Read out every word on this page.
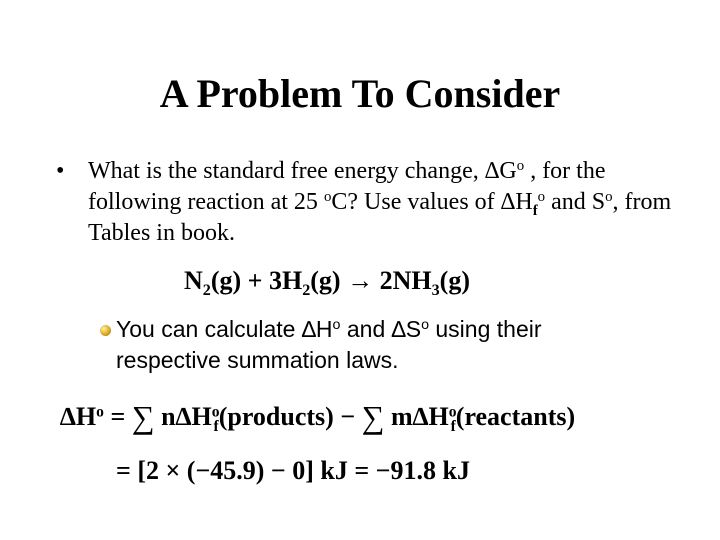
A Problem To Consider
• What is the standard free energy change, $\Delta G^o$ , for the following reaction at 25 $^o$C? Use values of $\Delta H_f^o$ and $S^o$, from Tables in book.
$N_2(g) + 3H_2(g) \to 2NH_3(g)$
You can calculate $\Delta H^o$ and $\Delta S^o$ using their
respective summation laws.
$\Delta H^o$ = ∑ $n\Delta H^o_f(products)$ − ∑ $m\Delta H^o_f(reactants)$
= [2 × (−45.9) − 0] kJ = −91.8 kJ
